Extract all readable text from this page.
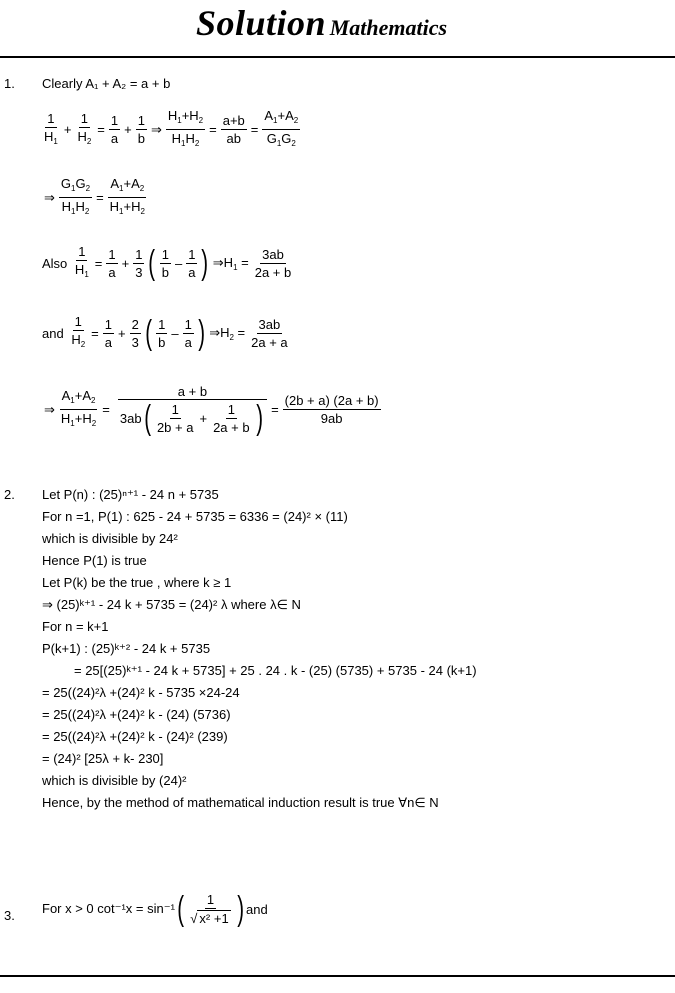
Solution Mathematics
1. Clearly A₁ + A₂ = a + b
$\frac{1}{H_1} + \frac{1}{H_2} = \frac{1}{a} + \frac{1}{b}$ ⇒ $\frac{H_1+H_2}{H_1H_2} = \frac{a+b}{ab} = \frac{A_1+A_2}{G_1G_2}$
⇒ $\frac{G_1G_2}{H_1H_2} = \frac{A_1+A_2}{H_1+H_2}$
Also
$\frac{1}{H_1} = \frac{1}{a} + \frac{1}{3}$ ( $\frac{1}{b} - \frac{1}{a}$ ) $\Rightarrow H_1 = \frac{3ab}{2a + b}$
and
$\frac{1}{H_2} = \frac{1}{a} + \frac{2}{3}$ ( $\frac{1}{b} - \frac{1}{a}$ ) $\Rightarrow H_2 = \frac{3ab}{2a + a}$
⇒ $\frac{A_1+A_2}{H_1+H_2} = \frac{a + b}{3ab ( \frac{1}{2b + a} + \frac{1}{2a + b} )} = \frac{(2b + a) (2a + b)}{9ab}$
2. Let P(n) : (25)ⁿ⁺¹ - 24 n + 5735
For n =1, P(1) : 625 - 24 + 5735 = 6336 = (24)² × (11)
which is divisible by 24²
Hence P(1) is true
Let P(k) be the true , where k ≥ 1
⇒ (25)ᵏ⁺¹ - 24 k + 5735 = (24)² λ where λ∈ N
For n = k+1
P(k+1) : (25)ᵏ⁺² - 24 k + 5735
= 25[(25)ᵏ⁺¹ - 24 k + 5735] + 25 . 24 . k - (25) (5735) + 5735 - 24 (k+1)
= 25((24)²λ +(24)² k - 5735 ×24-24
= 25((24)²λ +(24)² k - (24) (5736)
= 25((24)²λ +(24)² k - (24)² (239)
= (24)² [25λ + k- 230]
which is divisible by (24)²
Hence, by the method of mathematical induction result is true ∀n∈ N
3. For x > 0 cot⁻¹x = sin⁻¹ ( $\frac{1}{\text{√ x² +1}}$ ) and
